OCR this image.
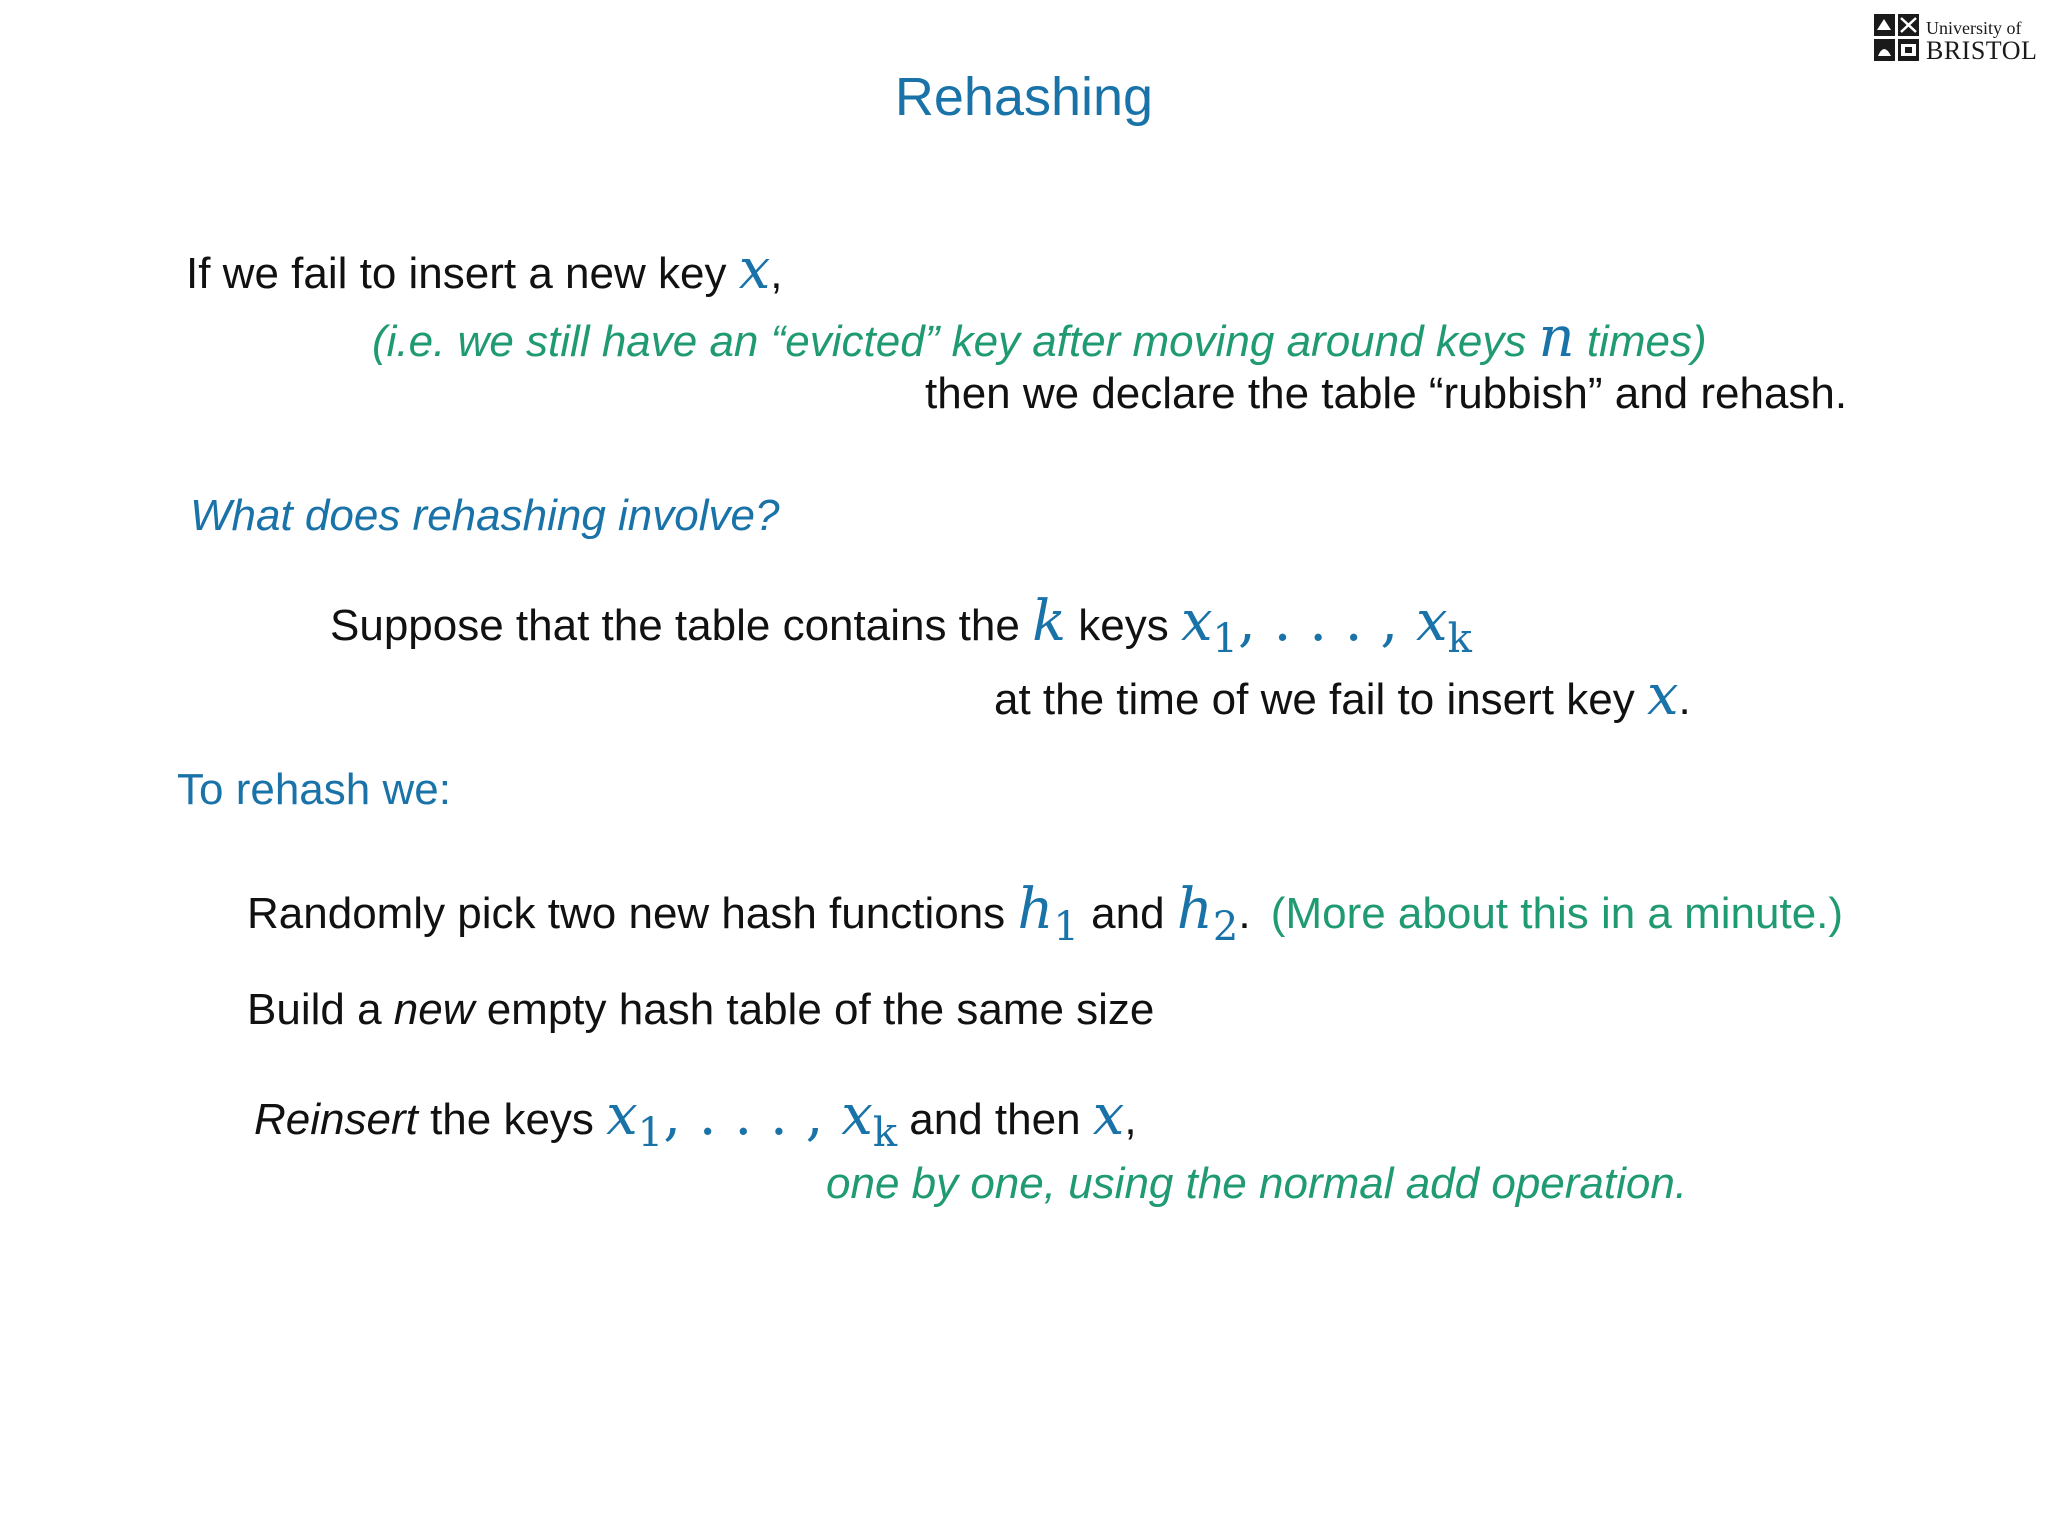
University of
BRISTOL
Rehashing
If we fail to insert a new key x,
(i.e. we still have an “evicted” key after moving around keys n times)
then we declare the table “rubbish” and rehash.
What does rehashing involve?
Suppose that the table contains the k keys $x_1$, . . . , $x_k$
at the time of we fail to insert key x.
To rehash we:
Randomly pick two new hash functions $h_1$ and $h_2$. (More about this in a minute.)
Build a new empty hash table of the same size
Reinsert the keys $x_1$, . . . , $x_k$ and then x,
one by one, using the normal add operation.
